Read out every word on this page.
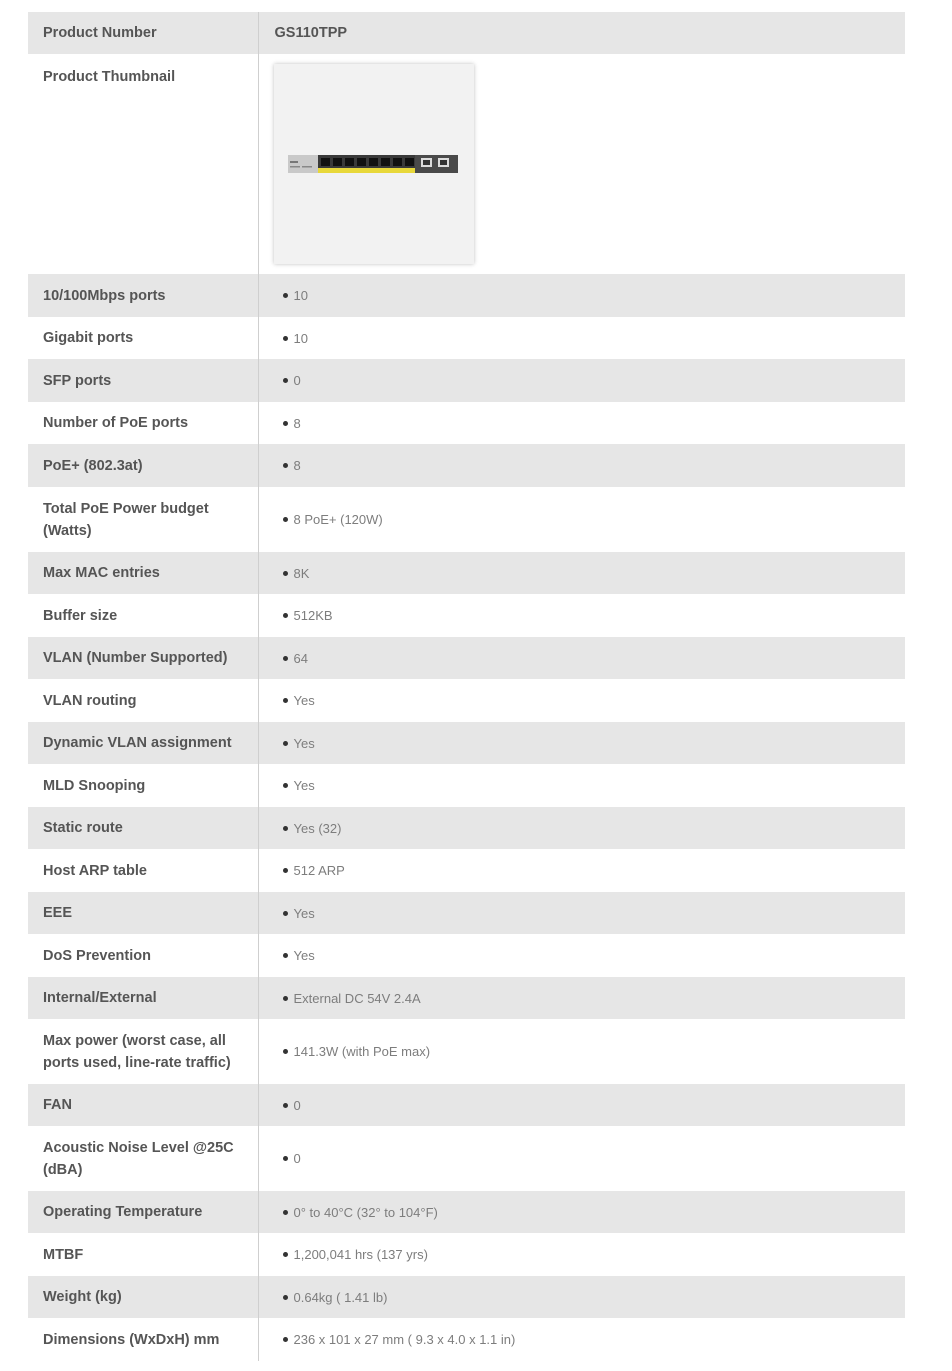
Product Number	GS110TPP
Product Thumbnail	

10/100Mbps ports	10
Gigabit ports	10
SFP ports	0
Number of PoE ports	8
PoE+ (802.3at)	8
Total PoE Power budget (Watts)	8 PoE+ (120W)
Max MAC entries	8K
Buffer size	512KB
VLAN (Number Supported)	64
VLAN routing	Yes
Dynamic VLAN assignment	Yes
MLD Snooping	Yes
Static route	Yes (32)
Host ARP table	512 ARP
EEE	Yes
DoS Prevention	Yes
Internal/External	External DC 54V 2.4A
Max power (worst case, all ports used, line-rate traffic)	141.3W (with PoE max)
FAN	0
Acoustic Noise Level @25C (dBA)	0
Operating Temperature	0° to 40°C (32° to 104°F)
MTBF	1,200,041 hrs (137 yrs)
Weight (kg)	0.64kg ( 1.41 lb)
Dimensions (WxDxH) mm	236 x 101 x 27 mm ( 9.3 x 4.0 x 1.1 in)
